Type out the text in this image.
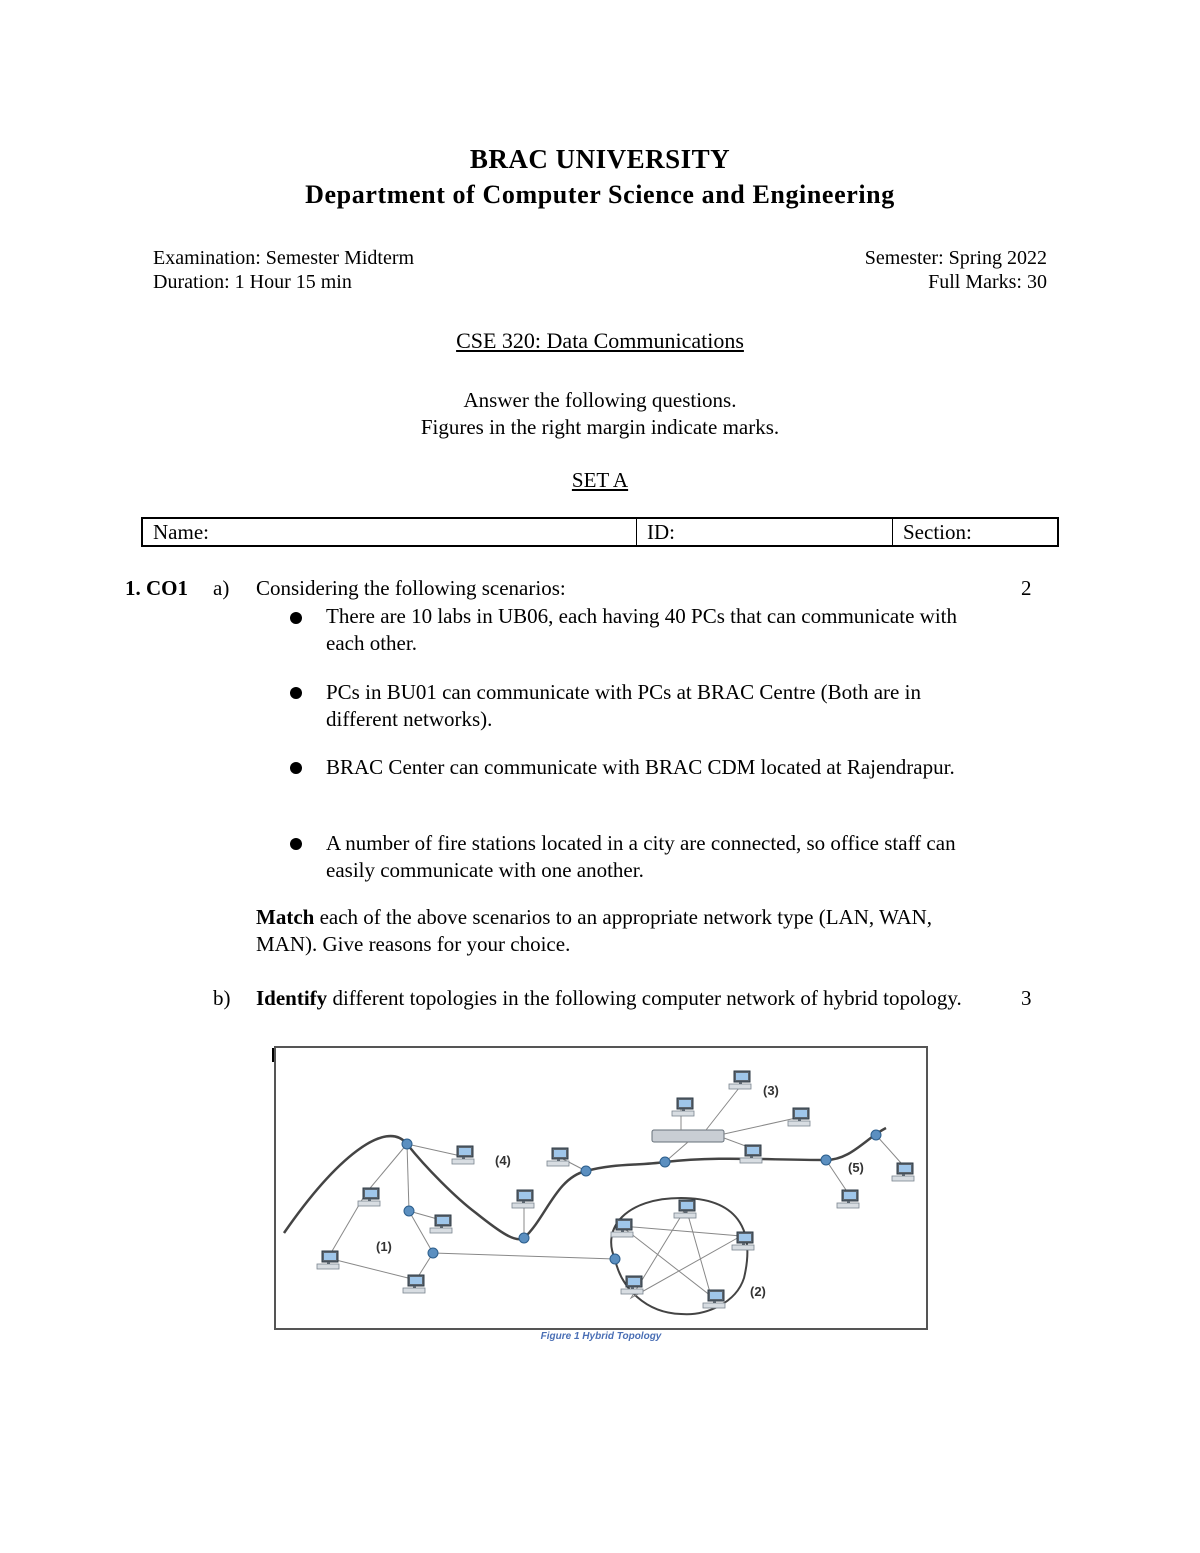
BRAC UNIVERSITY
Department of Computer Science and Engineering
Examination: Semester Midterm
Duration: 1 Hour 15 min
Semester: Spring 2022
Full Marks: 30
CSE 320: Data Communications
Answer the following questions.
Figures in the right margin indicate marks.
SET A
Name:	ID:	Section:
1. CO1 a) Considering the following scenarios:	2
There are 10 labs in UB06, each having 40 PCs that can communicate with each other.
PCs in BU01 can communicate with PCs at BRAC Centre (Both are in different networks).
BRAC Center can communicate with BRAC CDM located at Rajendrapur.
A number of fire stations located in a city are connected, so office staff can easily communicate with one another.
Match each of the above scenarios to an appropriate network type (LAN, WAN, MAN). Give reasons for your choice.
b) Identify different topologies in the following computer network of hybrid topology.	3
(1)
(2)
(3)
(4)	(5)
Figure 1 Hybrid Topology
